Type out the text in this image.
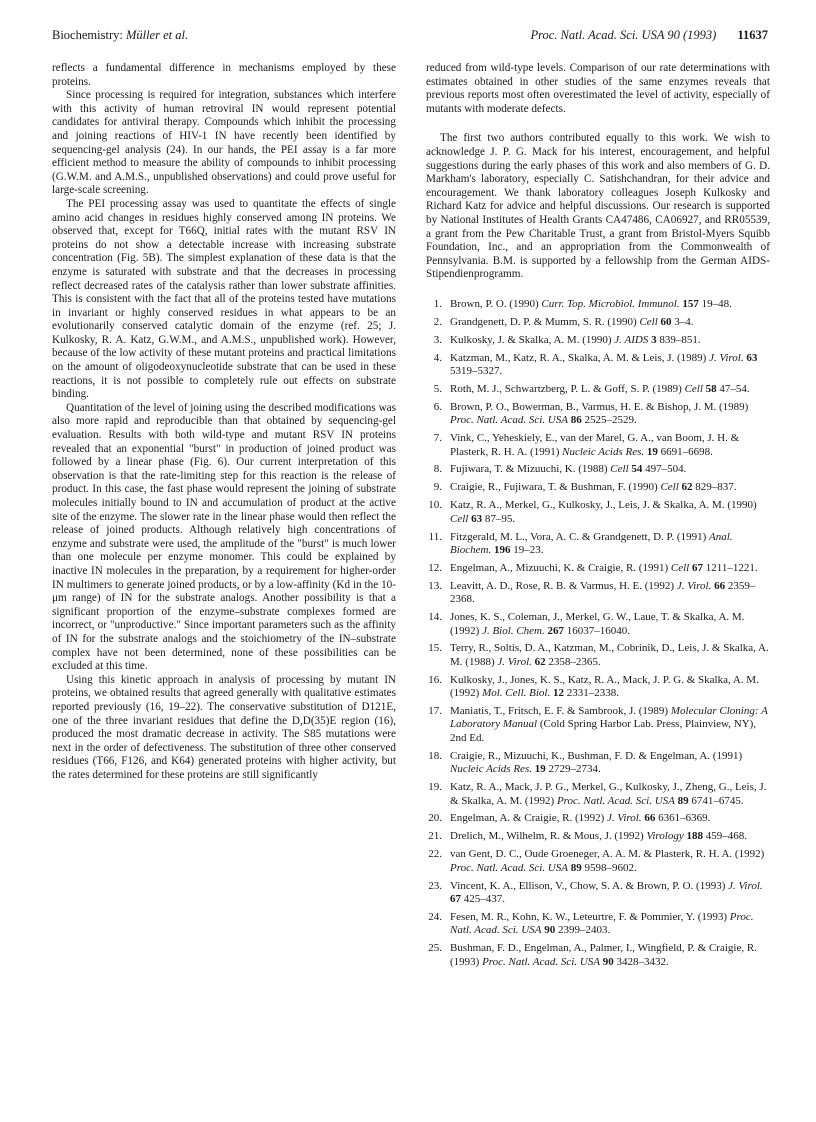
Biochemistry: Müller et al.	Proc. Natl. Acad. Sci. USA 90 (1993) 11637

reflects a fundamental difference in mechanisms employed by these proteins.

Since processing is required for integration, substances which interfere with this activity of human retroviral IN would represent potential candidates for antiviral therapy. Compounds which inhibit the processing and joining reactions of HIV-1 IN have recently been identified by sequencing-gel analysis (24). In our hands, the PEI assay is a far more efficient method to measure the ability of compounds to inhibit processing (G.W.M. and A.M.S., unpublished observations) and could prove useful for large-scale screening.

The PEI processing assay was used to quantitate the effects of single amino acid changes in residues highly conserved among IN proteins. We observed that, except for T66Q, initial rates with the mutant RSV IN proteins do not show a detectable increase with increasing substrate concentration (Fig. 5B). The simplest explanation of these data is that the enzyme is saturated with substrate and that the decreases in processing reflect decreased rates of the catalysis rather than lower substrate affinities. This is consistent with the fact that all of the proteins tested have mutations in invariant or highly conserved residues in what appears to be an evolutionarily conserved catalytic domain of the enzyme (ref. 25; J. Kulkosky, R. A. Katz, G.W.M., and A.M.S., unpublished work). However, because of the low activity of these mutant proteins and practical limitations on the amount of oligodeoxynucleotide substrate that can be used in these reactions, it is not possible to completely rule out effects on substrate binding.

Quantitation of the level of joining using the described modifications was also more rapid and reproducible than that obtained by sequencing-gel evaluation. Results with both wild-type and mutant RSV IN proteins revealed that an exponential "burst" in production of joined product was followed by a linear phase (Fig. 6). Our current interpretation of this observation is that the rate-limiting step for this reaction is the release of product. In this case, the fast phase would represent the joining of substrate molecules initially bound to IN and accumulation of product at the active site of the enzyme. The slower rate in the linear phase would then reflect the release of joined products. Although relatively high concentrations of enzyme and substrate were used, the amplitude of the "burst" is much lower than one molecule per enzyme monomer. This could be explained by inactive IN molecules in the preparation, by a requirement for higher-order IN multimers to generate joined products, or by a low-affinity (Kd in the 10-μm range) of IN for the substrate analogs. Another possibility is that a significant proportion of the enzyme–substrate complexes formed are incorrect, or "unproductive." Since important parameters such as the affinity of IN for the substrate analogs and the stoichiometry of the IN–substrate complex have not been determined, none of these possibilities can be excluded at this time.

Using this kinetic approach in analysis of processing by mutant IN proteins, we obtained results that agreed generally with qualitative estimates reported previously (16, 19–22). The conservative substitution of D121E, one of the three invariant residues that define the D,D(35)E region (16), produced the most dramatic decrease in activity. The S85 mutations were next in the order of defectiveness. The substitution of three other conserved residues (T66, F126, and K64) generated proteins with higher activity, but the rates determined for these proteins are still significantly

reduced from wild-type levels. Comparison of our rate determinations with estimates obtained in other studies of the same enzymes reveals that previous reports most often overestimated the level of activity, especially of mutants with moderate defects.

The first two authors contributed equally to this work. We wish to acknowledge J. P. G. Mack for his interest, encouragement, and helpful suggestions during the early phases of this work and also members of G. D. Markham's laboratory, especially C. Satishchandran, for their advice and encouragement. We thank laboratory colleagues Joseph Kulkosky and Richard Katz for advice and helpful discussions. Our research is supported by National Institutes of Health Grants CA47486, CA06927, and RR05539, a grant from the Pew Charitable Trust, a grant from Bristol-Myers Squibb Foundation, Inc., and an appropriation from the Commonwealth of Pennsylvania. B.M. is supported by a fellowship from the German AIDS-Stipendienprogramm.

1. Brown, P. O. (1990) Curr. Top. Microbiol. Immunol. 157 19–48.
2. Grandgenett, D. P. & Mumm, S. R. (1990) Cell 60 3–4.
3. Kulkosky, J. & Skalka, A. M. (1990) J. AIDS 3 839–851.
4. Katzman, M., Katz, R. A., Skalka, A. M. & Leis, J. (1989) J. Virol. 63 5319–5327.
5. Roth, M. J., Schwartzberg, P. L. & Goff, S. P. (1989) Cell 58 47–54.
6. Brown, P. O., Bowerman, B., Varmus, H. E. & Bishop, J. M. (1989) Proc. Natl. Acad. Sci. USA 86 2525–2529.
7. Vink, C., Yeheskiely, E., van der Marel, G. A., van Boom, J. H. & Plasterk, R. H. A. (1991) Nucleic Acids Res. 19 6691–6698.
8. Fujiwara, T. & Mizuuchi, K. (1988) Cell 54 497–504.
9. Craigie, R., Fujiwara, T. & Bushman, F. (1990) Cell 62 829–837.
10. Katz, R. A., Merkel, G., Kulkosky, J., Leis, J. & Skalka, A. M. (1990) Cell 63 87–95.
11. Fitzgerald, M. L., Vora, A. C. & Grandgenett, D. P. (1991) Anal. Biochem. 196 19–23.
12. Engelman, A., Mizuuchi, K. & Craigie, R. (1991) Cell 67 1211–1221.
13. Leavitt, A. D., Rose, R. B. & Varmus, H. E. (1992) J. Virol. 66 2359–2368.
14. Jones, K. S., Coleman, J., Merkel, G. W., Laue, T. & Skalka, A. M. (1992) J. Biol. Chem. 267 16037–16040.
15. Terry, R., Soltis, D. A., Katzman, M., Cobrinik, D., Leis, J. & Skalka, A. M. (1988) J. Virol. 62 2358–2365.
16. Kulkosky, J., Jones, K. S., Katz, R. A., Mack, J. P. G. & Skalka, A. M. (1992) Mol. Cell. Biol. 12 2331–2338.
17. Maniatis, T., Fritsch, E. F. & Sambrook, J. (1989) Molecular Cloning: A Laboratory Manual (Cold Spring Harbor Lab. Press, Plainview, NY), 2nd Ed.
18. Craigie, R., Mizuuchi, K., Bushman, F. D. & Engelman, A. (1991) Nucleic Acids Res. 19 2729–2734.
19. Katz, R. A., Mack, J. P. G., Merkel, G., Kulkosky, J., Zheng, G., Leis, J. & Skalka, A. M. (1992) Proc. Natl. Acad. Sci. USA 89 6741–6745.
20. Engelman, A. & Craigie, R. (1992) J. Virol. 66 6361–6369.
21. Drelich, M., Wilhelm, R. & Mous, J. (1992) Virology 188 459–468.
22. van Gent, D. C., Oude Groeneger, A. A. M. & Plasterk, R. H. A. (1992) Proc. Natl. Acad. Sci. USA 89 9598–9602.
23. Vincent, K. A., Ellison, V., Chow, S. A. & Brown, P. O. (1993) J. Virol. 67 425–437.
24. Fesen, M. R., Kohn, K. W., Leteurtre, F. & Pommier, Y. (1993) Proc. Natl. Acad. Sci. USA 90 2399–2403.
25. Bushman, F. D., Engelman, A., Palmer, I., Wingfield, P. & Craigie, R. (1993) Proc. Natl. Acad. Sci. USA 90 3428–3432.
